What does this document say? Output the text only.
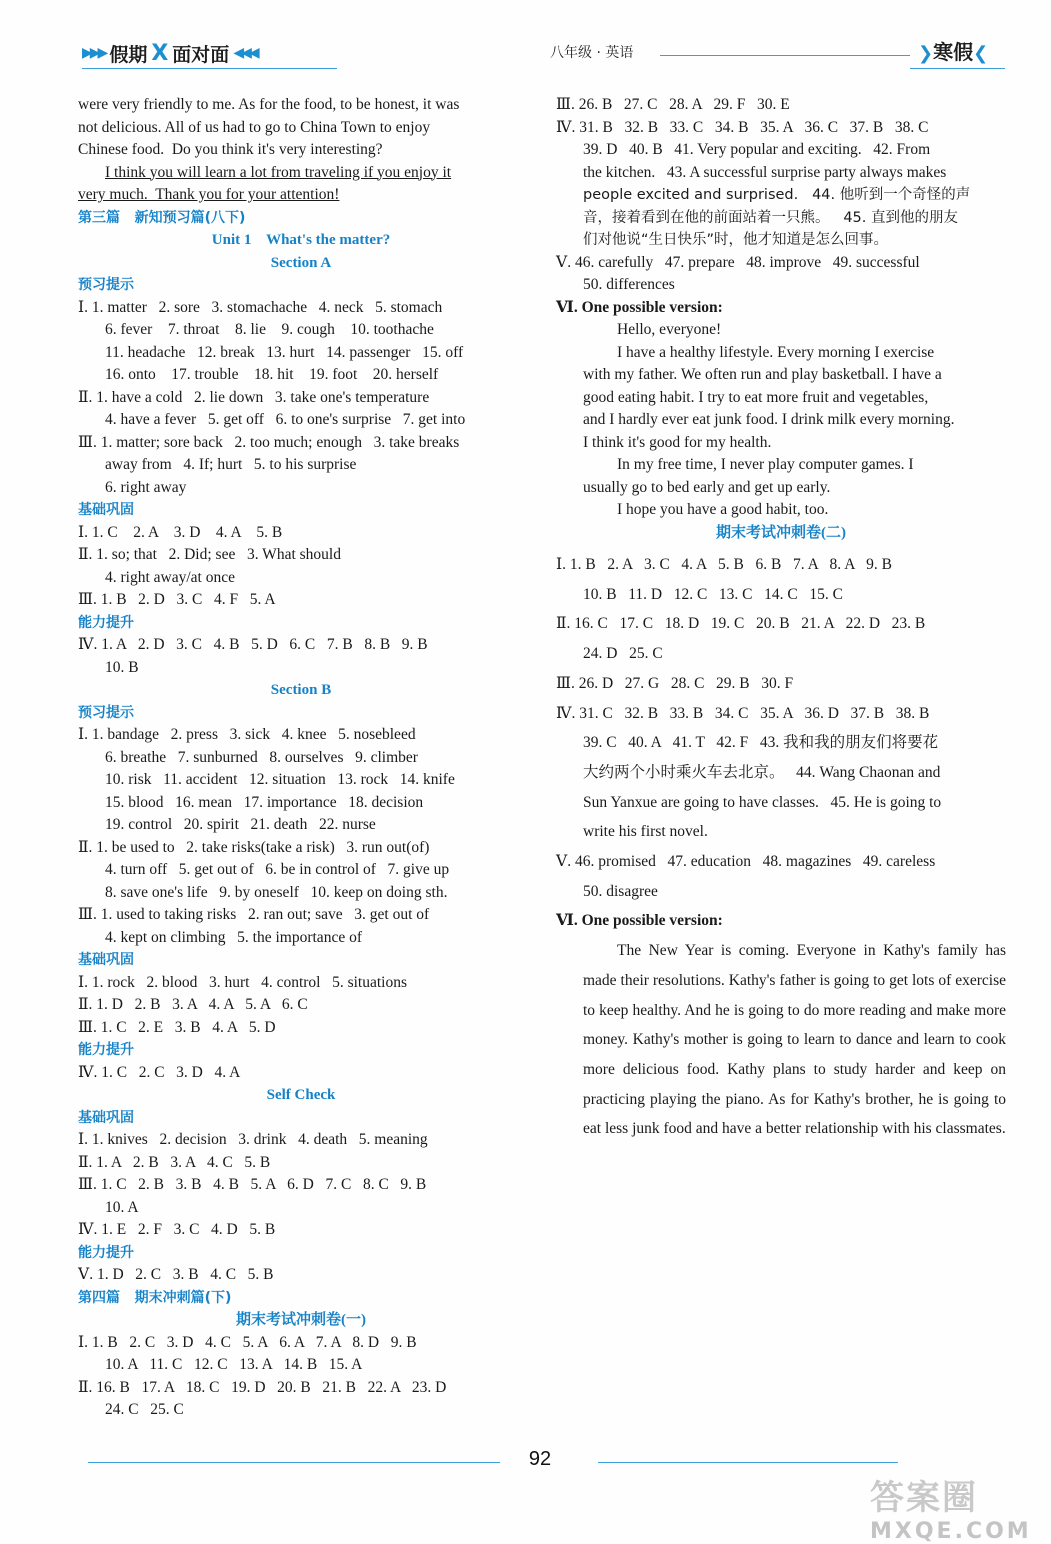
▶▶▶ 假期 X 面对面 ◀◀◀	八年级 · 英语	❯寒假❮

were very friendly to me. As for the food, to be honest, it was

not delicious. All of us had to go to China Town to enjoy

Chinese food.  Do you think it's very interesting?

I think you will learn a lot from traveling if you enjoy it

very much.  Thank you for your attention!

第三篇   新知预习篇(八下)

Unit 1    What's the matter?

Section A

预习提示

Ⅰ. 1. matter   2. sore   3. stomachache   4. neck   5. stomach

6. fever    7. throat    8. lie    9. cough    10. toothache

11. headache   12. break   13. hurt   14. passenger   15. off

16. onto    17. trouble    18. hit    19. foot    20. herself

Ⅱ. 1. have a cold   2. lie down   3. take one's temperature

4. have a fever   5. get off   6. to one's surprise   7. get into

Ⅲ. 1. matter; sore back   2. too much; enough   3. take breaks

away from   4. If; hurt   5. to his surprise

6. right away

基础巩固

Ⅰ. 1. C    2. A    3. D    4. A    5. B

Ⅱ. 1. so; that   2. Did; see   3. What should

4. right away/at once

Ⅲ. 1. B   2. D   3. C   4. F   5. A

能力提升

Ⅳ. 1. A   2. D   3. C   4. B   5. D   6. C   7. B   8. B   9. B

10. B

Section B

预习提示

Ⅰ. 1. bandage   2. press   3. sick   4. knee   5. nosebleed

6. breathe   7. sunburned   8. ourselves   9. climber

10. risk   11. accident   12. situation   13. rock   14. knife

15. blood   16. mean   17. importance   18. decision

19. control   20. spirit   21. death   22. nurse

Ⅱ. 1. be used to   2. take risks(take a risk)   3. run out(of)

4. turn off   5. get out of   6. be in control of   7. give up

8. save one's life   9. by oneself   10. keep on doing sth.

Ⅲ. 1. used to taking risks   2. ran out; save   3. get out of

4. kept on climbing   5. the importance of

基础巩固

Ⅰ. 1. rock   2. blood   3. hurt   4. control   5. situations

Ⅱ. 1. D   2. B   3. A   4. A   5. A   6. C

Ⅲ. 1. C   2. E   3. B   4. A   5. D

能力提升

Ⅳ. 1. C   2. C   3. D   4. A

Self Check

基础巩固

Ⅰ. 1. knives   2. decision   3. drink   4. death   5. meaning

Ⅱ. 1. A   2. B   3. A   4. C   5. B

Ⅲ. 1. C   2. B   3. B   4. B   5. A   6. D   7. C   8. C   9. B

10. A

Ⅳ. 1. E   2. F   3. C   4. D   5. B

能力提升

Ⅴ. 1. D   2. C   3. B   4. C   5. B

第四篇   期末冲刺篇(下)

期末考试冲刺卷(一)

Ⅰ. 1. B   2. C   3. D   4. C   5. A   6. A   7. A   8. D   9. B

10. A   11. C   12. C   13. A   14. B   15. A

Ⅱ. 16. B   17. A   18. C   19. D   20. B   21. B   22. A   23. D

24. C   25. C

Ⅲ. 26. B   27. C   28. A   29. F   30. E

Ⅳ. 31. B   32. B   33. C   34. B   35. A   36. C   37. B   38. C

39. D   40. B   41. Very popular and exciting.   42. From

the kitchen.   43. A successful surprise party always makes

people excited and surprised.   44. 他听到一个奇怪的声

音，接着看到在他的前面站着一只熊。   45. 直到他的朋友

们对他说“生日快乐”时，他才知道是怎么回事。

Ⅴ. 46. carefully   47. prepare   48. improve   49. successful

50. differences

Ⅵ. One possible version:

Hello, everyone!

I have a healthy lifestyle. Every morning I exercise

with my father. We often run and play basketball. I have a

good eating habit. I try to eat more fruit and vegetables,

and I hardly ever eat junk food. I drink milk every morning.

I think it's good for my health.

In my free time, I never play computer games. I

usually go to bed early and get up early.

I hope you have a good habit, too.

期末考试冲刺卷(二)

Ⅰ. 1. B   2. A   3. C   4. A   5. B   6. B   7. A   8. A   9. B

10. B   11. D   12. C   13. C   14. C   15. C

Ⅱ. 16. C   17. C   18. D   19. C   20. B   21. A   22. D   23. B

24. D   25. C

Ⅲ. 26. D   27. G   28. C   29. B   30. F

Ⅳ. 31. C   32. B   33. B   34. C   35. A   36. D   37. B   38. B

39. C   40. A   41. T   42. F   43. 我和我的朋友们将要花

大约两个小时乘火车去北京。   44. Wang Chaonan and

Sun Yanxue are going to have classes.   45. He is going to

write his first novel.

Ⅴ. 46. promised   47. education   48. magazines   49. careless

50. disagree

Ⅵ. One possible version:

The New Year is coming. Everyone in Kathy's family has made their resolutions. Kathy's father is going to get lots of exercise to keep healthy. And he is going to do more reading and make more money. Kathy's mother is going to learn to dance and learn to cook more delicious food. Kathy plans to study harder and keep on practicing playing the piano. As for Kathy's brother, he is going to eat less junk food and have a better relationship with his classmates.

92
答案圈
MXQE.COM
